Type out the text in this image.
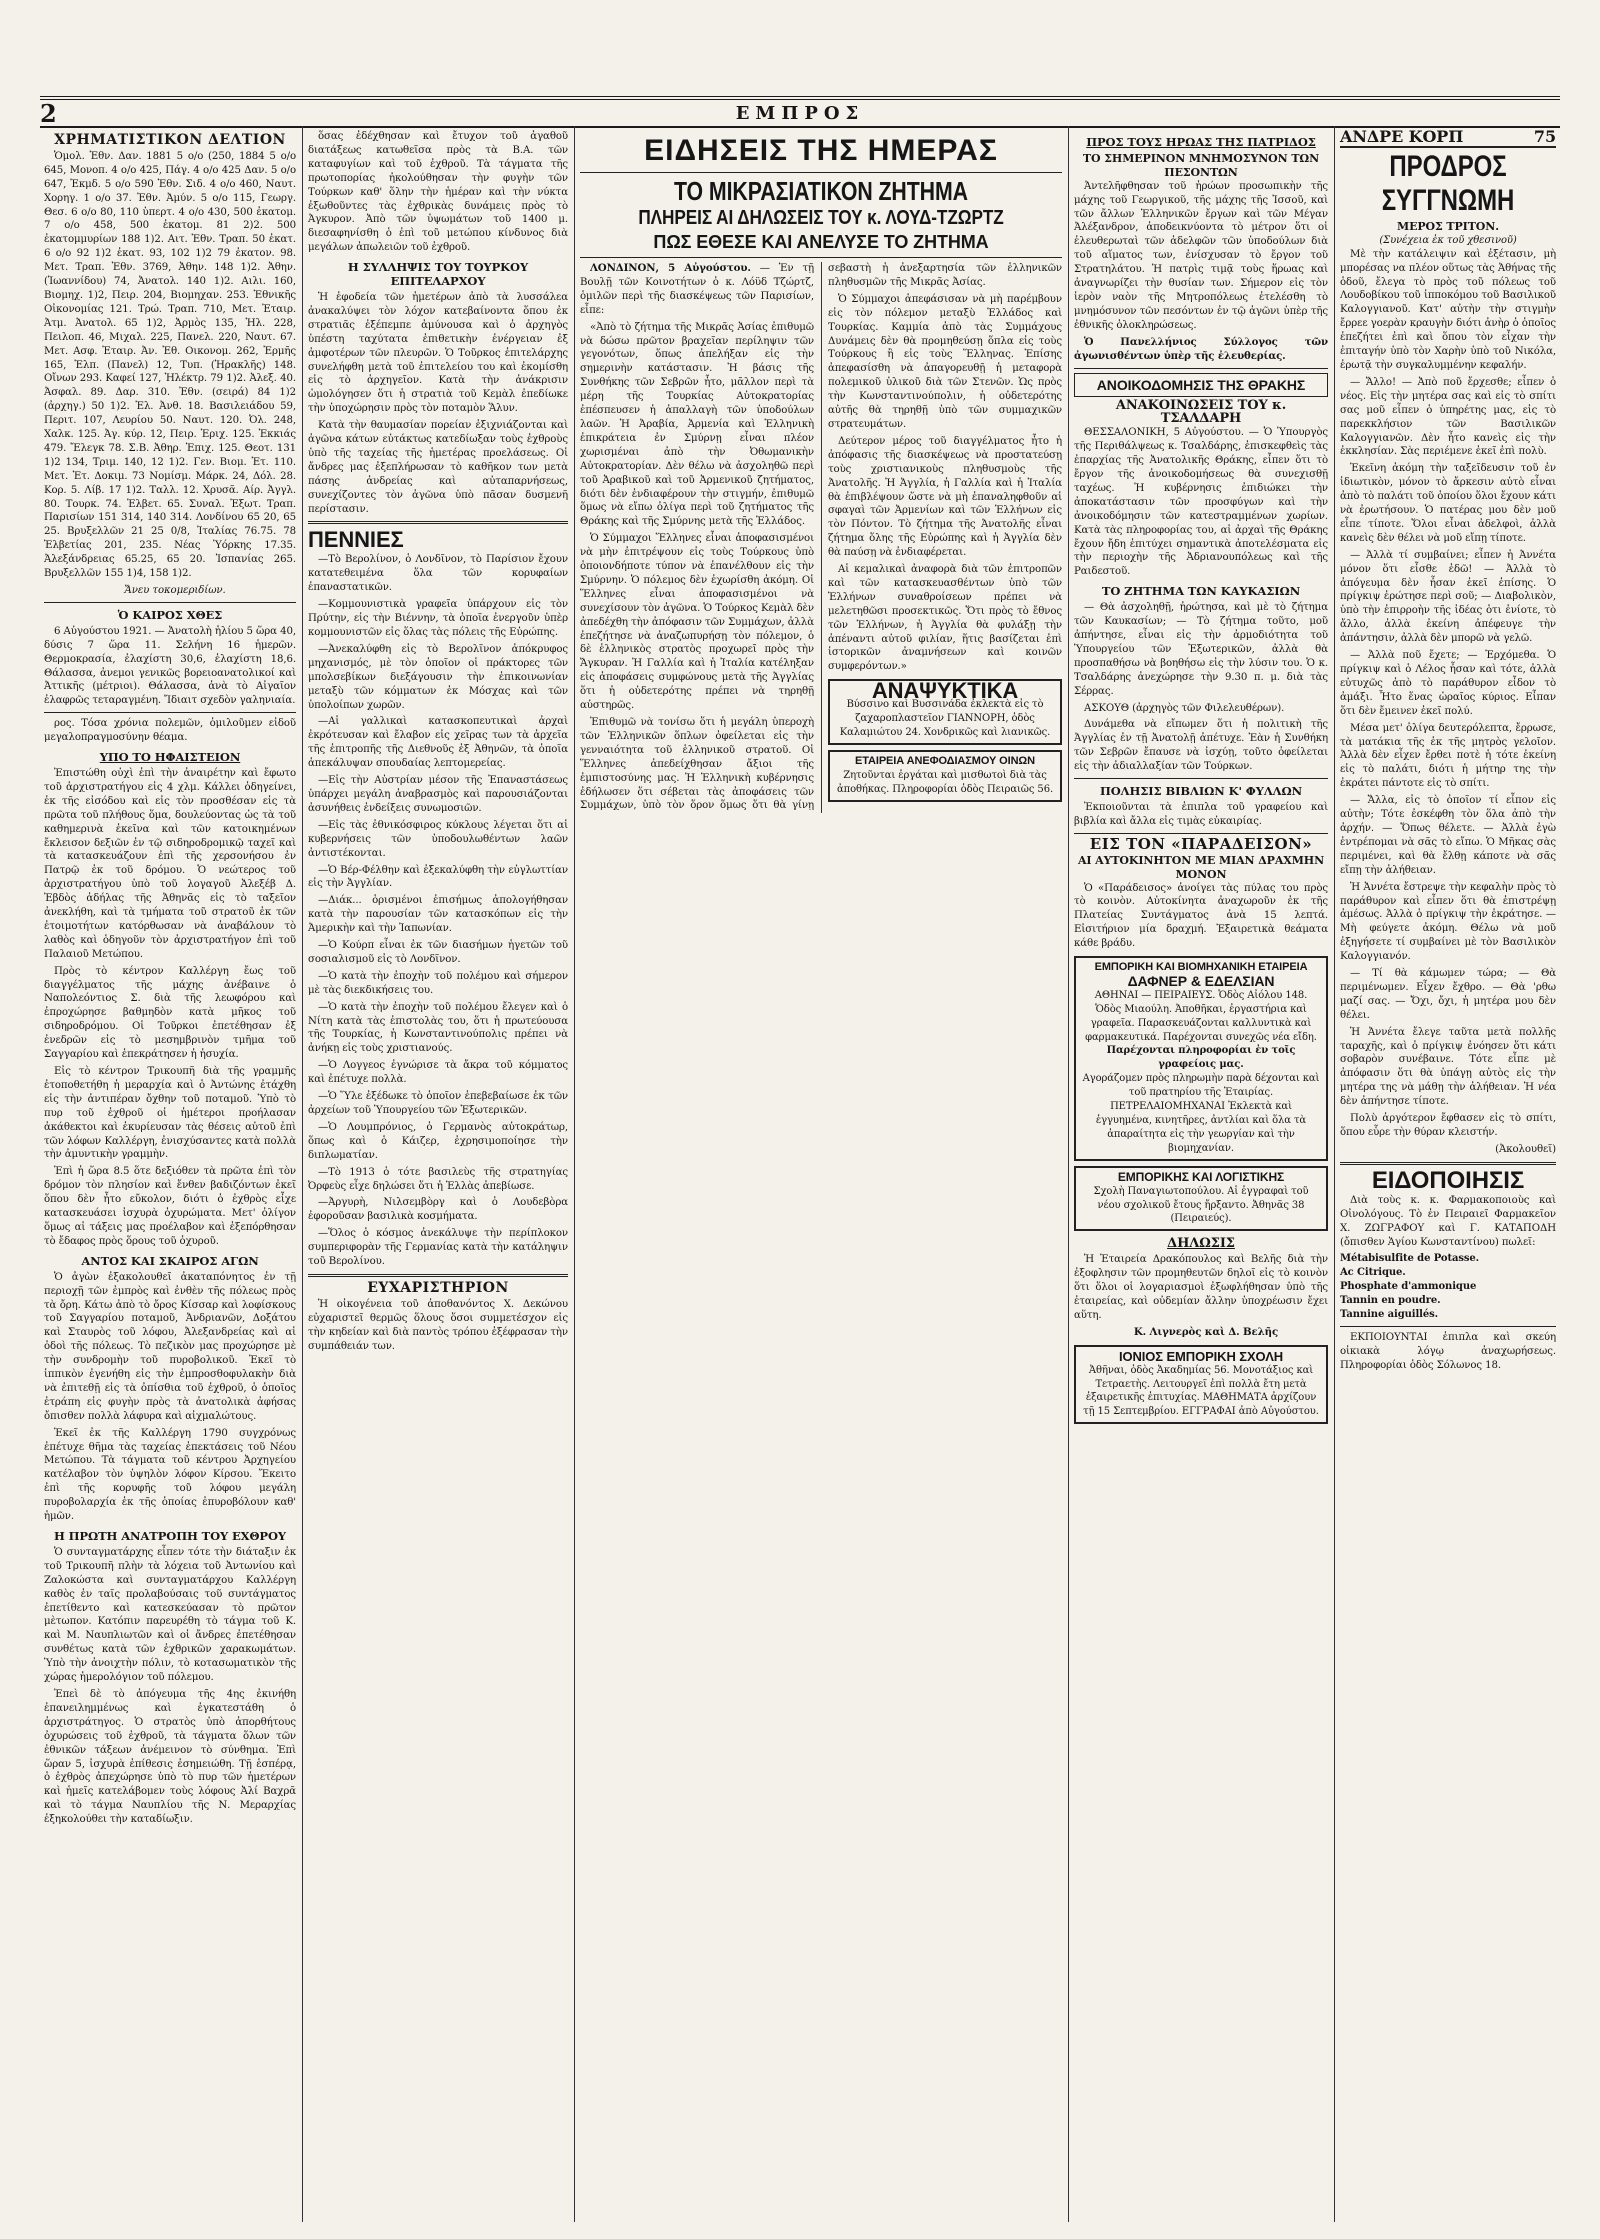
2	ΕΜΠΡΟΣ
ΧΡΗΜΑΤΙΣΤΙΚΟΝ ΔΕΛΤΙΟΝ

Ὁμολ. Ἐθν. Δαν. 1881 5 ο/ο (250, 1884 5 ο/ο 645, Μονοπ. 4 ο/ο 425, Πάγ. 4 ο/ο 425 Δαν. 5 ο/ο 647, Ἐκμδ. 5 ο/ο 590 Ἐθν. Σιδ. 4 ο/ο 460, Ναυτ. Χορηγ. 1 ο/ο 37. Ἐθν. Ἀμύν. 5 ο/ο 115, Γεωργ. Θεσ. 6 ο/ο 80, 110 ὑπερτ. 4 ο/ο 430, 500 ἐκατομ. 7 ο/ο 458, 500 ἐκατομ. 81 2)2. 500 ἐκατομμυρίων 188 1)2. Αιτ. Ἐθν. Τραπ. 50 ἐκατ. 6 ο/ο 92 1)2 ἐκατ. 93, 102 1)2 79 ἐκατον. 98. Μετ. Τραπ. Ἐθν. 3769, Ἀθην. 148 1)2. Ἀθην. (Ἰωαννίδου) 74, Ἀνατολ. 140 1)2. Αιλι. 160, Βιομηχ. 1)2, Πειρ. 204, Βιομηχαν. 253. Ἐθνικῆς Οἰκονομίας 121. Τρώ. Τραπ. 710, Μετ. Ἐταιρ. Ἀτμ. Ἀνατολ. 65 1)2, Ἀρμὸς 135, Ἠλ. 228, Πειλοπ. 46, Μιχαλ. 225, Πανελ. 220, Ναυτ. 67. Μετ. Ασφ. Ἐταιρ. Ἀν. Ἐθ. Οικονομ. 262, Ἐρμῆς 165, Ἐλπ. (Πανελ) 12, Τυπ. (Ἡρακλῆς) 148. Οἴνων 293. Καφεί 127, Ἠλέκτρ. 79 1)2. Ἀλεξ. 40. Ἀσφαλ. 89. Δαρ. 310. Ἐθν. (σειρά) 84 1)2 (ἀρχηγ.) 50 1)2. Ἐλ. Ἀνθ. 18. Βασιλειάδου 59, Περιτ. 107, Λευρίου 50. Ναυτ. 120. Ὀλ. 248, Χαλκ. 125. Ἀγ. κύρ. 12, Πειρ. Ἐριχ. 125. Ἐκκιάς 479. Ἔλεγκ 78. Σ.Β. Ἀθηρ. Ἐπιχ. 125. Θεοτ. 131 1)2 134, Τριμ. 140, 12 1)2. Γεν. Βιομ. Ἐτ. 110. Μετ. Ἐτ. Δοκιμ. 73 Νομίσμ. Μάρκ. 24, Δόλ. 28. Κορ. 5. Λίβ. 17 1)2. Ταλλ. 12. Χρυσᾶ. Αίρ. Ἀγγλ. 80. Τουρκ. 74. Ἑλβετ. 65. Συναλ. Ἐξωτ. Τραπ. Παρισίων 151 314, 140 314. Λονδίνου 65 20, 65 25. Βρυξελλῶν 21 25 0/8, Ἰταλίας 76.75. 78 Ἑλβετίας 201, 235. Νέας Ὑόρκης 17.35. Ἀλεξάνδρειας 65.25, 65 20. Ἰσπανίας 265. Βρυξελλῶν 155 1)4, 158 1)2.

Ἄνευ τοκομεριδίων.

Ὁ ΚΑΙΡΟΣ ΧΘΕΣ

6 Αὐγούστου 1921. — Ἀνατολὴ ἡλίου 5 ὥρα 40, δύσις 7 ὥρα 11. Σελήνη 16 ἡμερῶν. Θερμοκρασία, ἐλαχίστη 30,6, ἐλαχίστη 18,6. Θάλασσα, ἀνεμοι γενικῶς βορειοανατολικοί καὶ Ἀττικῆς (μέτριοι). Θάλασσα, ἀνὰ τὸ Αἰγαῖον ἐλαφρῶς τεταραγμένη. Ἴδιαιτ σχεδὸν γαληνιαία.

ρος. Τόσα χρόνια πολεμῶν, ὁμιλοῦμεν εἰδοῦ μεγαλοπραγμοσύνην θέαμα.

ΥΠΟ ΤΟ ΗΦΑΙΣΤΕΙΟΝ

Ἐπιστώθη οὐχὶ ἐπὶ τὴν ἀναιρέτην καὶ ἔφωτο τοῦ ἀρχιστρατήγου εἰς 4 χλμ. Κάλλει ὁδηγείνει, ἐκ τῆς εἰσόδου καὶ εἰς τὸν προσθέσαν εἰς τὰ πρῶτα τοῦ πλήθους ὅμα, δουλεύοντας ὡς τὰ τοῦ καθημερινὰ ἐκεῖνα καὶ τῶν κατοικημένων ἔκλεισον δεξιῶν ἐν τῷ σιδηροδρομικῷ ταχεῖ καὶ τὰ κατασκευάζουν ἐπὶ τῆς χερσονήσου ἐν Πατρῷ ἐκ τοῦ δρόμου. Ὁ νεώτερος τοῦ ἀρχιστρατήγου ὑπὸ τοῦ λογαγοῦ Ἀλεξέβ Δ. Ἐβδὸς ἀδήλας τῆς Ἀθηνᾶς εἰς τὸ ταξεῖον ἀνεκλήθη, καὶ τὰ τμήματα τοῦ στρατοῦ ἐκ τῶν ἐτοιμοτήτων κατόρθωσαν νὰ ἀναβάλουν τὸ λαθὸς καὶ ὁδηγοῦν τὸν ἀρχιστρατήγον ἐπὶ τοῦ Παλαιοῦ Μετώπου.

Πρὸς τὸ κέντρον Καλλέργη ἔως τοῦ διαγγέλματος τῆς μάχης ἀνέβαινε ὁ Ναπολεόντιος Σ. διὰ τῆς λεωφόρου καὶ ἐπροχώρησε βαθμηδὸν κατὰ μῆκος τοῦ σιδηροδρόμου. Οἱ Τοῦρκοι ἐπετέθησαν ἐξ ἐνεδρῶν εἰς τὸ μεσημβρινὸν τμῆμα τοῦ Σαγγαρίου καὶ ἐπεκράτησεν ἡ ἡσυχία.

Εἰς τὸ κέντρον Τρικουπῆ διὰ τῆς γραμμῆς ἐτοποθετήθη ἡ μεραρχία καὶ ὁ Ἀντώνης ἐτάχθη εἰς τὴν ἀντιπέραν ὄχθην τοῦ ποταμοῦ. Ὑπὸ τὸ πυρ τοῦ ἐχθροῦ οἱ ἡμέτεροι προήλασαν ἀκάθεκτοι καὶ ἐκυρίευσαν τὰς θέσεις αὐτοῦ ἐπὶ τῶν λόφων Καλλέργη, ἐνισχύσαντες κατὰ πολλὰ τὴν ἀμυντικὴν γραμμὴν.

Ἐπὶ ἡ ὥρα 8.5 ὅτε δεξιόθεν τὰ πρῶτα ἐπὶ τὸν δρόμον τὸν πλησίον καὶ ἔνθεν βαδιζόντων ἐκεῖ ὅπου δὲν ἦτο εὔκολον, διότι ὁ ἐχθρὸς εἶχε κατασκευάσει ἰσχυρὰ ὀχυρώματα. Μετ' ὀλίγον ὅμως αἱ τάξεις μας προέλαβον καὶ ἐξεπόρθησαν τὸ ἔδαφος πρὸς ὅρους τοῦ ὀχυροῦ.

ΑΝΤΟΣ ΚΑΙ ΣΚΑΙΡΟΣ ΑΓΩΝ

Ὁ ἀγὼν ἐξακολουθεῖ ἀκαταπόνητος ἐν τῇ περιοχῇ τῶν ἐμπρὸς καὶ ἐνθὲν τῆς πόλεως πρὸς τὰ ὄρη. Κάτω ἀπὸ τὸ ὄρος Κίσσαρ καὶ λοφίσκους τοῦ Σαγγαρίου ποταμοῦ, Ἀνδριανῶν, Δοξάτου καὶ Σταυρὸς τοῦ λόφου, Ἀλεξανδρείας καὶ αἱ ὁδοὶ τῆς πόλεως. Τὸ πεζικὸν μας προχώρησε μὲ τὴν συνδρομὴν τοῦ πυροβολικοῦ. Ἐκεῖ τὸ ἱππικὸν ἐγενήθη εἰς τὴν ἐμπροσθοφυλακὴν διὰ νὰ ἐπιτεθῇ εἰς τὰ ὀπίσθια τοῦ ἐχθροῦ, ὁ ὁποῖος ἐτράπη εἰς φυγὴν πρὸς τὰ ἀνατολικὰ ἀφήσας ὄπισθεν πολλὰ λάφυρα καὶ αἰχμαλώτους.

Ἐκεῖ ἐκ τῆς Καλλέργη 1790 συγχρόνως ἐπέτυχε θῆμα τὰς ταχείας ἐπεκτάσεις τοῦ Νέου Μετώπου. Τὰ τάγματα τοῦ κέντρου Ἀρχηγείου κατέλαβον τὸν ὑψηλὸν λόφον Κίρσου. Ἔκειτο ἐπὶ τῆς κορυφῆς τοῦ λόφου μεγάλη πυροβολαρχία ἐκ τῆς ὁποίας ἐπυροβόλουν καθ' ἡμῶν.

Η ΠΡΩΤΗ ΑΝΑΤΡΟΠΗ ΤΟΥ ΕΧΘΡΟΥ

Ὁ συνταγματάρχης εἶπεν τότε τὴν διάταξιν ἐκ τοῦ Τρικουπῆ πλὴν τὰ λόχεια τοῦ Ἀντωνίου καὶ Ζαλοκώστα καὶ συνταγματάρχου Καλλέργη καθὸς ἐν ταῖς προλαβούσαις τοῦ συντάγματος ἐπετίθεντο καὶ κατεσκεύασαν τὸ πρῶτον μὲτωπον. Κατόπιν παρευρέθη τὸ τάγμα τοῦ Κ. καὶ Μ. Ναυπλιωτῶν καὶ οἱ ἄνδρες ἐπετέθησαν συνθέτως κατὰ τῶν ἐχθρικῶν χαρακωμάτων. Ὑπὸ τὴν ἀνοιχτὴν πόλιν, τὸ κοτασωματικὸν τῆς χώρας ἡμερολόγιον τοῦ πόλεμου.

Ἐπεὶ δὲ τὸ ἀπόγευμα τῆς 4ης ἐκινήθη ἐπανειλημμένως καὶ ἐγκατεστάθη ὁ ἀρχιστράτηγος. Ὁ στρατὸς ὑπὸ ἀπορθήτους ὀχυρώσεις τοῦ ἐχθροῦ, τὰ τάγματα ὅλων τῶν ἐθνικῶν τάξεων ἀνέμεινον τὸ σύνθημα. Ἐπὶ ὥραν 5, ἰσχυρὰ ἐπίθεσις ἐσημειώθη. Τῇ ἑσπέρᾳ, ὁ ἐχθρὸς ἀπεχώρησε ὑπὸ τὸ πυρ τῶν ἡμετέρων καὶ ἡμεῖς κατελάβομεν τοὺς λόφους Ἀλί Βαχρᾶ καὶ τὸ τάγμα Ναυπλίου τῆς Ν. Μεραρχίας ἐξηκολούθει τὴν καταδίωξιν.

ὅσας ἐδέχθησαν καὶ ἔτυχον τοῦ ἀγαθοῦ διατάξεως κατωθεῖσα πρὸς τὰ Β.Α. τῶν καταφυγίων καὶ τοῦ ἐχθροῦ. Τὰ τάγματα τῆς πρωτοπορίας ἠκολούθησαν τὴν φυγὴν τῶν Τούρκων καθ' ὅλην τὴν ἡμέραν καὶ τὴν νύκτα ἐξωθοῦντες τὰς ἐχθρικὰς δυνάμεις πρὸς τὸ Ἀγκυρον. Ἀπὸ τῶν ὑψωμάτων τοῦ 1400 μ. διεσαφηνίσθη ὁ ἐπὶ τοῦ μετώπου κίνδυνος διὰ μεγάλων ἀπωλειῶν τοῦ ἐχθροῦ.

Η ΣΥΛΛΗΨΙΣ ΤΟΥ ΤΟΥΡΚΟΥ ΕΠΙΤΕΛΑΡΧΟΥ

Ἡ ἐφοδεία τῶν ἡμετέρων ἀπὸ τὰ λυσσάλεα ἀνακαλύψει τὸν λόχον κατεβαίνοντα ὅπου ἐκ στρατιᾶς ἐξέπεμπε ἀμύνουσα καὶ ὁ ἀρχηγὸς ὑπέστη ταχύτατα ἐπιθετικὴν ἐνέργειαν ἐξ ἀμφοτέρων τῶν πλευρῶν. Ὁ Τοῦρκος ἐπιτελάρχης συνελήφθη μετὰ τοῦ ἐπιτελείου του καὶ ἐκομίσθη εἰς τὸ ἀρχηγεῖον. Κατὰ τὴν ἀνάκρισιν ὡμολόγησεν ὅτι ἡ στρατιὰ τοῦ Κεμὰλ ἐπεδίωκε τὴν ὑποχώρησιν πρὸς τὸν ποταμὸν Ἅλυν.

Κατὰ τὴν θαυμασίαν πορείαν ἐξιχνιάζονται καὶ ἀγῶνα κάτων εὐτάκτως κατεδίωξαν τοὺς ἐχθροὺς ὑπὸ τῆς ταχείας τῆς ἡμετέρας προελάσεως. Οἱ ἄνδρες μας ἐξεπλήρωσαν τὸ καθῆκον των μετὰ πάσης ἀνδρείας καὶ αὐταπαρνήσεως, συνεχίζοντες τὸν ἀγῶνα ὑπὸ πᾶσαν δυσμενῆ περίστασιν.

ΠΕΝΝΙΕΣ

—Τὸ Βερολίνον, ὁ Λονδῖνον, τὸ Παρίσιον ἔχουν κατατεθειμένα ὅλα τῶν κορυφαίων ἐπαναστατικῶν.

—Κομμουνιστικὰ γραφεῖα ὑπάρχουν εἰς τὸν Πρύτην, εἰς τὴν Βιέννην, τὰ ὁποῖα ἐνεργοῦν ὑπὲρ κομμουνιστῶν εἰς ὅλας τὰς πόλεις τῆς Εὐρώπης.

—Ἀνεκαλύφθη εἰς τὸ Βερολῖνον ἀπόκρυφος μηχανισμός, μὲ τὸν ὁποῖον οἱ πράκτορες τῶν μπολσεβίκων διεξάγουσιν τὴν ἐπικοινωνίαν μεταξὺ τῶν κόμματων ἐκ Μόσχας καὶ τῶν ὑπολοίπων χωρῶν.

—Αἱ γαλλικαὶ κατασκοπευτικαὶ ἀρχαὶ ἐκρότευσαν καὶ ἔλαβον εἰς χεῖρας των τὰ ἀρχεῖα τῆς ἐπιτροπῆς τῆς Διεθνοῦς ἐξ Ἀθηνῶν, τὰ ὁποῖα ἀπεκάλυψαν σπουδαίας λεπτομερείας.

—Εἰς τὴν Αὐστρίαν μέσον τῆς Ἐπαναστάσεως ὑπάρχει μεγάλη ἀναβρασμὸς καὶ παρουσιάζονται ἀσυνήθεις ἐνδείξεις συνωμοσιῶν.

—Εἰς τὰς ἐθνικόσφιρος κύκλους λέγεται ὅτι αἱ κυβερνήσεις τῶν ὑποδουλωθέντων λαῶν ἀντιστέκονται.

—Ὁ Βέρ-Φέλθην καὶ ἐξεκαλύφθη τὴν εὐγλωττίαν εἰς τὴν Ἀγγλίαν.

—Διάκ... ὁρισμένοι ἐπισήμως ἀπολογήθησαν κατὰ τὴν παρουσίαν τῶν κατασκόπων εἰς τὴν Ἀμερικὴν καὶ τὴν Ἰαπωνίαν.

—Ὁ Κούρπ εἶναι ἐκ τῶν διασήμων ἡγετῶν τοῦ σοσιαλισμοῦ εἰς τὸ Λονδῖνον.

—Ὁ κατὰ τὴν ἐποχὴν τοῦ πολέμου καὶ σήμερον μὲ τὰς διεκδικήσεις του.

—Ὁ κατὰ τὴν ἐποχὴν τοῦ πολέμου ἔλεγεν καὶ ὁ Νίτη κατὰ τὰς ἐπιστολὰς του, ὅτι ἡ πρωτεύουσα τῆς Τουρκίας, ἡ Κωνσταντινούπολις πρέπει νὰ ἀνήκῃ εἰς τοὺς χριστιανούς.

—Ὁ Λογγεος ἐγνώρισε τὰ ἄκρα τοῦ κόμματος καὶ ἐπέτυχε πολλὰ.

—Ὁ Ὕλε ἐξέδωκε τὸ ὁποῖον ἐπεβεβαίωσε ἐκ τῶν ἀρχείων τοῦ Ὑπουργείου τῶν Ἐξωτερικῶν.

—Ὁ Λουμπρόνιος, ὁ Γερμανὸς αὐτοκράτωρ, ὅπως καὶ ὁ Κάιζερ, ἐχρησιμοποίησε τὴν διπλωματίαν.

—Τὸ 1913 ὁ τότε βασιλεὺς τῆς στρατηγίας Ὀρφεὺς εἶχε δηλώσει ὅτι ἡ Ἑλλὰς ἀπεβίωσε.

—Ἀργυρὴ, Νιλσεμβὸργ καὶ ὁ Λουδεβὸρα ἐφοροῦσαν βασιλικὰ κοσμήματα.

—Ὅλος ὁ κόσμος ἀνεκάλυψε τὴν περίπλοκον συμπεριφορὰν τῆς Γερμανίας κατὰ τὴν κατάληψιν τοῦ Βερολίνου.

ΕΥΧΑΡΙΣΤΗΡΙΟΝ

Ἡ οἰκογένεια τοῦ ἀποθανόντος Χ. Δεκώνου εὐχαριστεῖ θερμῶς ὅλους ὅσοι συμμετέσχον εἰς τὴν κηδείαν καὶ διὰ παντὸς τρόπου ἐξέφρασαν τὴν συμπάθειάν των.

ΕΙΔΗΣΕΙΣ ΤΗΣ ΗΜΕΡΑΣ
ΤΟ ΜΙΚΡΑΣΙΑΤΙΚΟΝ ΖΗΤΗΜΑ
ΠΛΗΡΕΙΣ ΑΙ ΔΗΛΩΣΕΙΣ ΤΟΥ κ. ΛΟΥΔ-ΤΖΩΡΤΖ
ΠΩΣ ΕΘΕΣΕ ΚΑΙ ΑΝΕΛΥΣΕ ΤΟ ΖΗΤΗΜΑ

ΛΟΝΔΙΝΟΝ, 5 Αὐγούστου. — Ἐν τῇ Βουλῇ τῶν Κοινοτήτων ὁ κ. Λόϋδ Τζώρτζ, ὁμιλῶν περὶ τῆς διασκέψεως τῶν Παρισίων, εἶπε:

«Ἀπὸ τὸ ζήτημα τῆς Μικρᾶς Ἀσίας ἐπιθυμῶ νὰ δώσω πρῶτον βραχεῖαν περίληψιν τῶν γεγονότων, ὅπως ἀπελήξαν εἰς τὴν σημερινὴν κατάστασιν. Ἡ βάσις τῆς Συνθήκης τῶν Σεβρῶν ἦτο, μᾶλλον περὶ τὰ μέρη τῆς Τουρκίας Αὐτοκρατορίας ἐπέσπευσεν ἡ ἀπαλλαγὴ τῶν ὑποδούλων λαῶν. Ἡ Ἀραβία, Ἀρμενία καὶ Ἑλληνικὴ ἐπικράτεια ἐν Σμύρνῃ εἶναι πλέον χωρισμέναι ἀπὸ τὴν Ὀθωμανικὴν Αὐτοκρατορίαν. Δὲν θέλω νὰ ἀσχοληθῶ περὶ τοῦ Ἀραβικοῦ καὶ τοῦ Ἀρμενικοῦ ζητήματος, διότι δὲν ἐνδιαφέρουν τὴν στιγμήν, ἐπιθυμῶ ὅμως νὰ εἴπω ὀλίγα περὶ τοῦ ζητήματος τῆς Θράκης καὶ τῆς Σμύρνης μετὰ τῆς Ἑλλάδος.

Ὁ Σύμμαχοι Ἕλληνες εἶναι ἀποφασισμένοι νὰ μὴν ἐπιτρέψουν εἰς τοὺς Τούρκους ὑπὸ ὁποιονδήποτε τύπον νὰ ἐπανέλθουν εἰς τὴν Σμύρνην. Ὁ πόλεμος δὲν ἐχωρίσθη ἀκόμη. Οἱ Ἕλληνες εἶναι ἀποφασισμένοι νὰ συνεχίσουν τὸν ἀγῶνα. Ὁ Τούρκος Κεμὰλ δὲν ἀπεδέχθη τὴν ἀπόφασιν τῶν Συμμάχων, ἀλλὰ ἐπεζήτησε νὰ ἀναζωπυρήσῃ τὸν πόλεμον, ὁ δὲ ἑλληνικὸς στρατὸς προχωρεῖ πρὸς τὴν Ἄγκυραν. Ἡ Γαλλία καὶ ἡ Ἰταλία κατέληξαν εἰς ἀποφάσεις συμφώνους μετὰ τῆς Ἀγγλίας ὅτι ἡ οὐδετερότης πρέπει νὰ τηρηθῇ αὐστηρῶς.

Ἐπιθυμῶ νὰ τονίσω ὅτι ἡ μεγάλη ὑπεροχὴ τῶν Ἑλληνικῶν ὅπλων ὀφείλεται εἰς τὴν γενναιότητα τοῦ ἑλληνικοῦ στρατοῦ. Οἱ Ἕλληνες ἀπεδείχθησαν ἄξιοι τῆς ἐμπιστοσύνης μας. Ἡ Ἑλληνικὴ κυβέρνησις ἐδήλωσεν ὅτι σέβεται τὰς ἀποφάσεις τῶν Συμμάχων, ὑπὸ τὸν ὅρον ὅμως ὅτι θὰ γίνῃ σεβαστὴ ἡ ἀνεξαρτησία τῶν ἑλληνικῶν πληθυσμῶν τῆς Μικρᾶς Ἀσίας.

Ὁ Σύμμαχοι ἀπεφάσισαν νὰ μὴ παρέμβουν εἰς τὸν πόλεμον μεταξὺ Ἑλλάδος καὶ Τουρκίας. Καμμία ἀπὸ τὰς Συμμάχους Δυνάμεις δὲν θὰ προμηθεύσῃ ὅπλα εἰς τοὺς Τούρκους ἢ εἰς τοὺς Ἕλληνας. Ἐπίσης ἀπεφασίσθη νὰ ἀπαγορευθῇ ἡ μεταφορὰ πολεμικοῦ ὑλικοῦ διὰ τῶν Στενῶν. Ὡς πρὸς τὴν Κωνσταντινούπολιν, ἡ οὐδετερότης αὐτῆς θὰ τηρηθῇ ὑπὸ τῶν συμμαχικῶν στρατευμάτων.

Δεύτερον μέρος τοῦ διαγγέλματος ἦτο ἡ ἀπόφασις τῆς διασκέψεως νὰ προστατεύσῃ τοὺς χριστιανικοὺς πληθυσμοὺς τῆς Ἀνατολῆς. Ἡ Ἀγγλία, ἡ Γαλλία καὶ ἡ Ἰταλία θὰ ἐπιβλέψουν ὥστε νὰ μὴ ἐπαναληφθοῦν αἱ σφαγαὶ τῶν Ἀρμενίων καὶ τῶν Ἑλλήνων εἰς τὸν Πόντον. Τὸ ζήτημα τῆς Ἀνατολῆς εἶναι ζήτημα ὅλης τῆς Εὐρώπης καὶ ἡ Ἀγγλία δὲν θὰ παύσῃ νὰ ἐνδιαφέρεται.

Αἱ κεμαλικαὶ ἀναφορὰ διὰ τῶν ἐπιτροπῶν καὶ τῶν κατασκευασθέντων ὑπὸ τῶν Ἑλλήνων συναθροίσεων πρέπει νὰ μελετηθῶσι προσεκτικῶς. Ὅτι πρὸς τὸ ἔθνος τῶν Ἑλλήνων, ἡ Ἀγγλία θὰ φυλάξῃ τὴν ἀπέναντι αὐτοῦ φιλίαν, ἥτις βασίζεται ἐπὶ ἱστορικῶν ἀναμνήσεων καὶ κοινῶν συμφερόντων.»

ΑΝΑΨΥΚΤΙΚΑ
Βύσσινο καὶ Βυσσινάδα ἐκλεκτὰ εἰς τὸ ζαχαροπλαστεῖον ΓΙΑΝΝΟΡΗ, ὁδὸς Καλαμιώτου 24. Χονδρικῶς καὶ λιανικῶς.
ΕΤΑΙΡΕΙΑ ΑΝΕΦΟΔΙΑΣΜΟΥ ΟΙΝΩΝ
Ζητοῦνται ἐργάται καὶ μισθωτοὶ διὰ τὰς ἀποθήκας. Πληροφορίαι ὁδὸς Πειραιῶς 56.
ΠΡΟΣ ΤΟΥΣ ΗΡΩΑΣ ΤΗΣ ΠΑΤΡΙΔΟΣ
ΤΟ ΣΗΜΕΡΙΝΟΝ ΜΝΗΜΟΣΥΝΟΝ ΤΩΝ ΠΕΣΟΝΤΩΝ

Ἀντελῆφθησαν τοῦ ἡρώων προσωπικὴν τῆς μάχης τοῦ Γεωργικοῦ, τῆς μάχης τῆς Ἰσσοῦ, καὶ τῶν ἄλλων Ἑλληνικῶν ἔργων καὶ τῶν Μέγαν Ἀλέξανδρον, ἀποδεικνύοντα τὸ μέτρον ὅτι οἱ ἐλευθερωταὶ τῶν ἀδελφῶν τῶν ὑποδούλων διὰ τοῦ αἵματος των, ἐνίσχυσαν τὸ ἔργον τοῦ Στρατηλάτου. Ἡ πατρὶς τιμᾷ τοὺς ἥρωας καὶ ἀναγνωρίζει τὴν θυσίαν των. Σήμερον εἰς τὸν ἱερὸν ναὸν τῆς Μητροπόλεως ἐτελέσθη τὸ μνημόσυνον τῶν πεσόντων ἐν τῷ ἀγῶνι ὑπὲρ τῆς ἐθνικῆς ὁλοκληρώσεως.

Ὁ Πανελλήνιος Σύλλογος τῶν ἀγωνισθέντων ὑπὲρ τῆς ἐλευθερίας.

ΑΝΟΙΚΟΔΟΜΗΣΙΣ ΤΗΣ ΘΡΑΚΗΣ
ΑΝΑΚΟΙΝΩΣΕΙΣ ΤΟΥ κ. ΤΣΑΛΔΑΡΗ

ΘΕΣΣΑΛΟΝΙΚΗ, 5 Αὐγούστου. — Ὁ Ὑπουργὸς τῆς Περιθάλψεως κ. Τσαλδάρης, ἐπισκεφθεὶς τὰς ἐπαρχίας τῆς Ἀνατολικῆς Θράκης, εἶπεν ὅτι τὸ ἔργον τῆς ἀνοικοδομήσεως θὰ συνεχισθῇ ταχέως. Ἡ κυβέρνησις ἐπιδιώκει τὴν ἀποκατάστασιν τῶν προσφύγων καὶ τὴν ἀνοικοδόμησιν τῶν κατεστραμμένων χωρίων. Κατὰ τὰς πληροφορίας του, αἱ ἀρχαὶ τῆς Θράκης ἔχουν ἤδη ἐπιτύχει σημαντικὰ ἀποτελέσματα εἰς τὴν περιοχὴν τῆς Ἀδριανουπόλεως καὶ τῆς Ραιδεστοῦ.

ΤΟ ΖΗΤΗΜΑ ΤΩΝ ΚΑΥΚΑΣΙΩΝ

— Θὰ ἀσχοληθῇ, ἠρώτησα, καὶ μὲ τὸ ζήτημα τῶν Καυκασίων; — Τὸ ζήτημα τοῦτο, μοῦ ἀπήντησε, εἶναι εἰς τὴν ἀρμοδιότητα τοῦ Ὑπουργείου τῶν Ἐξωτερικῶν, ἀλλὰ θὰ προσπαθήσω νὰ βοηθήσω εἰς τὴν λύσιν του. Ὁ κ. Τσαλδάρης ἀνεχώρησε τὴν 9.30 π. μ. διὰ τὰς Σέρρας.

ΑΣΚΟΥΘ (ἀρχηγὸς τῶν Φιλελευθέρων).

Δυνάμεθα νὰ εἴπωμεν ὅτι ἡ πολιτικὴ τῆς Ἀγγλίας ἐν τῇ Ἀνατολῇ ἀπέτυχε. Ἐὰν ἡ Συνθήκη τῶν Σεβρῶν ἔπαυσε νὰ ἰσχύῃ, τοῦτο ὀφείλεται εἰς τὴν ἀδιαλλαξίαν τῶν Τούρκων.

ΠΟΛΗΣΙΣ ΒΙΒΛΙΩΝ Κ' ΦΥΛΛΩΝ

Ἐκποιοῦνται τὰ ἐπιπλα τοῦ γραφείου καὶ βιβλία καὶ ἄλλα εἰς τιμὰς εὐκαιρίας.

ΕΙΣ ΤΟΝ «ΠΑΡΑΔΕΙΣΟΝ»
ΑΙ ΑΥΤΟΚΙΝΗΤΟΝ ΜΕ ΜΙΑΝ ΔΡΑΧΜΗΝ ΜΟΝΟΝ

Ὁ «Παράδεισος» ἀνοίγει τὰς πύλας του πρὸς τὸ κοινὸν. Αὐτοκίνητα ἀναχωροῦν ἐκ τῆς Πλατείας Συντάγματος ἀνὰ 15 λεπτά. Εἰσιτήριον μία δραχμή. Ἐξαιρετικὰ θεάματα κάθε βράδυ.

ΕΜΠΟΡΙΚΗ ΚΑΙ ΒΙΟΜΗΧΑΝΙΚΗ ΕΤΑΙΡΕΙΑ
ΔΑΦΝΕΡ & ΕΔΕΛΣΙΑΝ
ΑΘΗΝΑΙ — ΠΕΙΡΑΙΕΥΣ. Ὁδὸς Αἰόλου 148. Ὁδὸς Μιαούλη. Ἀποθῆκαι, ἐργαστήρια καὶ γραφεῖα. Παρασκευάζονται καλλυντικὰ καὶ φαρμακευτικά. Παρέχονται συνεχῶς νέα εἴδη.
Παρέχονται πληροφορίαι ἐν τοῖς γραφείοις μας.
Αγοράζομεν πρὸς πληρωμὴν παρὰ δέχονται καὶ τοῦ πρατηρίου τῆς Ἑταιρίας.
ΠΕΤΡΕΛΑΙΟΜΗΧΑΝΑΙ Ἐκλεκτὰ καὶ ἐγγυημένα, κινητῆρες, ἀντλίαι καὶ ὅλα τὰ ἀπαραίτητα εἰς τὴν γεωργίαν καὶ τὴν βιομηχανίαν.
ΕΜΠΟΡΙΚΗΣ ΚΑΙ ΛΟΓΙΣΤΙΚΗΣ
Σχολὴ Παναγιωτοπούλου. Αἱ ἐγγραφαὶ τοῦ νέου σχολικοῦ ἔτους ἤρξαντο. Ἀθηνᾶς 38 (Πειραιεύς).
ΔΗΛΩΣΙΣ

Ἡ Ἑταιρεία Δρακόπουλος καὶ Βελῆς διὰ τὴν ἐξοφλησιν τῶν προμηθευτῶν δηλοῖ εἰς τὸ κοινὸν ὅτι ὅλοι οἱ λογαριασμοὶ ἐξωφλήθησαν ὑπὸ τῆς ἐταιρείας, καὶ οὐδεμίαν ἄλλην ὑποχρέωσιν ἔχει αὕτη.

Κ. Λιγνερὸς καὶ Δ. Βελῆς

ΙΟΝΙΟΣ ΕΜΠΟΡΙΚΗ ΣΧΟΛΗ
Ἀθῆναι, ὁδὸς Ἀκαδημίας 56. Μονοτάξιος καὶ Τετραετὴς. Λειτουργεῖ ἐπὶ πολλὰ ἔτη μετὰ ἐξαιρετικῆς ἐπιτυχίας. ΜΑΘΗΜΑΤΑ ἀρχίζουν τῇ 15 Σεπτεμβρίου. ΕΓΓΡΑΦΑΙ ἀπὸ Αὐγούστου.
ΑΝΔΡΕ ΚΟΡΠ	75
ΠΡΟΔΡΟΣ ΣΥΓΓΝΩΜΗ
ΜΕΡΟΣ ΤΡΙΤΟΝ.
(Συνέχεια ἐκ τοῦ χθεσινοῦ)

Μὲ τὴν κατάλειψιν καὶ ἐξέτασιν, μὴ μπορέσας να πλέον οὕτως τὰς Ἀθήνας τῆς ὁδοῦ, ἔλεγα τὸ πρὸς τοῦ πόλεως τοῦ Λουδοβίκου τοῦ ἱπποκόμου τοῦ Βασιλικοῦ Καλογγιανοῦ. Κατ' αὐτὴν τὴν στιγμὴν ἔρρεε γοερὰν κραυγὴν διότι ἀνὴρ ὁ ὁποῖος ἐπεζήτει ἐπὶ καὶ ὅπου τὸν εἶχαν τὴν ἐπιταγήν ὑπὸ τὸν Χαρὴν ὑπὸ τοῦ Νικόλα, ἐρωτᾷ τὴν συγκαλυμμένην κεφαλήν.

— Ἄλλο! — Ἀπὸ ποῦ ἔρχεσθε; εἶπεν ὁ νέος. Εἰς τὴν μητέρα σας καὶ εἰς τὸ σπίτι σας μοῦ εἶπεν ὁ ὑπηρέτης μας, εἰς τὸ παρεκκλήσιον τῶν Βασιλικῶν Καλογγιανῶν. Δὲν ἦτο κανεὶς εἰς τὴν ἐκκλησίαν. Σὰς περιέμενε ἐκεῖ ἐπὶ πολὺ.

Ἐκεῖνη ἀκόμη τὴν ταξεῖδευσιν τοῦ ἐν ἰδιωτικὸν, μόνον τὸ ἄρκεσιν αὐτὸ εἶναι ἀπὸ τὸ παλάτι τοῦ ὁποίου ὅλοι ἔχουν κάτι νὰ ἐρωτήσουν. Ὁ πατέρας μου δὲν μοῦ εἶπε τίποτε. Ὅλοι εἶναι ἀδελφοὶ, ἀλλὰ κανεὶς δὲν θέλει νὰ μοῦ εἴπῃ τίποτε.

— Ἀλλὰ τί συμβαίνει; εἶπεν ἡ Ἀννέτα μόνον ὅτι εἶσθε ἐδῶ! — Ἀλλὰ τὸ ἀπόγευμα δὲν ἦσαν ἐκεῖ ἐπίσης. Ὁ πρίγκιψ ἐρώτησε περὶ σοῦ; — Διαβολικὸν, ὑπὸ τὴν ἐπιρροὴν τῆς ἰδέας ὁτι ἐνίοτε, τὸ ἄλλο, ἀλλὰ ἐκείνη ἀπέφευγε τὴν ἀπάντησιν, ἀλλὰ δὲν μπορῶ νὰ γελῶ.

— Ἀλλὰ ποῦ ἔχετε; — Ἐρχόμεθα. Ὁ πρίγκιψ καὶ ὁ Λέλος ἦσαν καὶ τότε, ἀλλὰ εὐτυχῶς ἀπὸ τὸ παράθυρον εἶδον τὸ ἀμάξι. Ἦτο ἕνας ὡραῖος κύριος. Εἶπαν ὅτι δὲν ἔμεινεν ἐκεῖ πολύ.

Μέσα μετ' ὀλίγα δευτερόλεπτα, ἔρρωσε, τὰ ματάκια τῆς ἐκ τῆς μητρὸς γελοῖον. Ἀλλὰ δὲν εἶχεν ἔρθει ποτὲ ἡ τότε ἐκείνη εἰς τὸ παλάτι, διότι ἡ μήτηρ της τὴν ἐκράτει πάντοτε εἰς τὸ σπίτι.

— Ἄλλα, εἰς τὸ ὀποῖον τί εἶπον εἰς αὐτὴν; Τότε ἐσκέφθη τὸν ὅλα ἀπὸ τὴν ἀρχήν. — Ὅπως θέλετε. — Ἀλλὰ ἐγὼ ἐντρέπομαι νὰ σᾶς τὸ εἴπω. Ὁ Μῆκας σὰς περιμένει, καὶ θὰ ἔλθῃ κάποτε νὰ σᾶς εἴπῃ τὴν ἀλήθειαν.

Ἡ Ἀννέτα ἔστρεψε τὴν κεφαλὴν πρὸς τὸ παράθυρον καὶ εἶπεν ὅτι θὰ ἐπιστρέψῃ ἀμέσως. Ἀλλὰ ὁ πρίγκιψ τὴν ἐκράτησε. — Μὴ φεύγετε ἀκόμη. Θέλω νὰ μοῦ ἐξηγήσετε τί συμβαίνει μὲ τὸν Βασιλικὸν Καλογγιανόν.

— Τί θὰ κάμωμεν τώρα; — Θὰ περιμένωμεν. Εἶχεν ἔχθρο. — Θὰ 'ρθω μαζί σας. — Ὄχι, ὄχι, ἡ μητέρα μου δὲν θέλει.

Ἡ Ἀννέτα ἔλεγε ταῦτα μετὰ πολλῆς ταραχῆς, καὶ ὁ πρίγκιψ ἐνόησεν ὅτι κάτι σοβαρὸν συνέβαινε. Τότε εἶπε μὲ ἀπόφασιν ὅτι θὰ ὑπάγῃ αὐτὸς εἰς τὴν μητέρα της νὰ μάθῃ τὴν ἀλήθειαν. Ἡ νέα δὲν ἀπήντησε τίποτε.

Πολὺ ἀργότερον ἔφθασεν εἰς τὸ σπίτι, ὅπου εὗρε τὴν θύραν κλειστήν.

(Ἀκολουθεῖ)

ΕΙΔΟΠΟΙΗΣΙΣ

Διὰ τοὺς κ. κ. Φαρμακοποιοὺς καὶ Οἰνολόγους. Τὸ ἐν Πειραιεῖ Φαρμακεῖον Χ. ΖΩΓΡΑΦΟΥ καὶ Γ. ΚΑΤΑΠΟΔΗ (ὄπισθεν Ἁγίου Κωνσταντίνου) πωλεῖ:

Métabisulfite de Potasse.
Ac Citrique.
Phosphate d'ammonique
Tannin en poudre.
Tannine aiguillés.

ΕΚΠΟΙΟΥΝΤΑΙ ἐπιπλα καὶ σκεύη οἰκιακὰ λόγῳ ἀναχωρήσεως. Πληροφορίαι ὁδὸς Σόλωνος 18.
